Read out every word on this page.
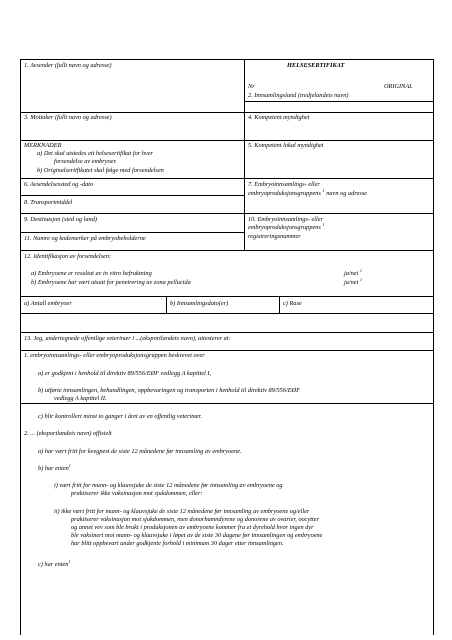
1. Avsender (fullt navn og adresse)	HELSESERTIFIKAT
Nr	ORIGINAL
2. Innsamlingsland (tredjelandets navn)
3. Mottaker (fullt navn og adresse)	4. Kompetent myndighet
MERKNADER
a) Det skal utstedes ett helsesertifikat for hver
forsendelse av embryoer.
b) Originalsertifikatet skal følge med forsendelsen
5. Kompetent lokal myndighet
6. Avsendelsessted og -dato	7. Embryoinnsamlings- eller
embryoproduksjonsgruppens $^1$ navn og adresse
8. Transportmiddel
9. Destinasjon (sted og land)	10. Embryoinnsamlings- eller
embryoproduksjonsgruppens $^1$
registreringsnummer
11. Numre og kodemerker på embryobeholderne
12. Identifikasjon av forsendelsen:
a) Embryoene er resultat av in vitro befruktning	ja/nei $^1$
b) Embryoene har vært utsatt for penetrering av zona pellucida	ja/nei $^1$
a) Antall embryoer	b) Innsamlingsdato(er)	c) Rase
13. Jeg, undertegnede offentlige veterinær i ...(eksportlandets navn), attesterer at:
1. embryoinnsamlings- eller embryoproduksjonsgruppen beskrevet over
a) er godkjent i henhold til direktiv 89/556/EØF vedlegg A kapittel I,
b) utførte innsamlingen, behandlingen, oppbevaringen og transporten i henhold til direktiv 89/556/EØF
vedlegg A kapittel II.
c) blir kontrollert minst to ganger i året av en offentlig veterinær.
2. ... (eksportlandets navn) offisielt
a) har vært fritt for kvegpest de siste 12 månedene før innsamling av embryoene.
b) har enten$^1$
i) vært fritt for munn- og klauvsjuke de siste 12 månedene før innsamling av embryoene og
praktiserer ikke vaksinasjon mot sjukdommen, eller:
ii) ikke vært fritt for munn- og klauvsjuke de siste 12 månedene før innsamling av embryoene og/eller
praktiserer vaksinasjon mot sjukdommen, men donorbumndyrene og donorene av ovarier, oocytter
og annet vev som ble brukt i produksjonen av embryoene kommer fra et dyrehold hvor ingen dyr
ble vaksinert mot munn- og klauvsjuke i løpet av de siste 30 dagene før innsamlingen og embryoene
har blitt oppbevart under godkjente forhold i minimum 30 dager etter innsamlingen.
c) har enten$^1$
